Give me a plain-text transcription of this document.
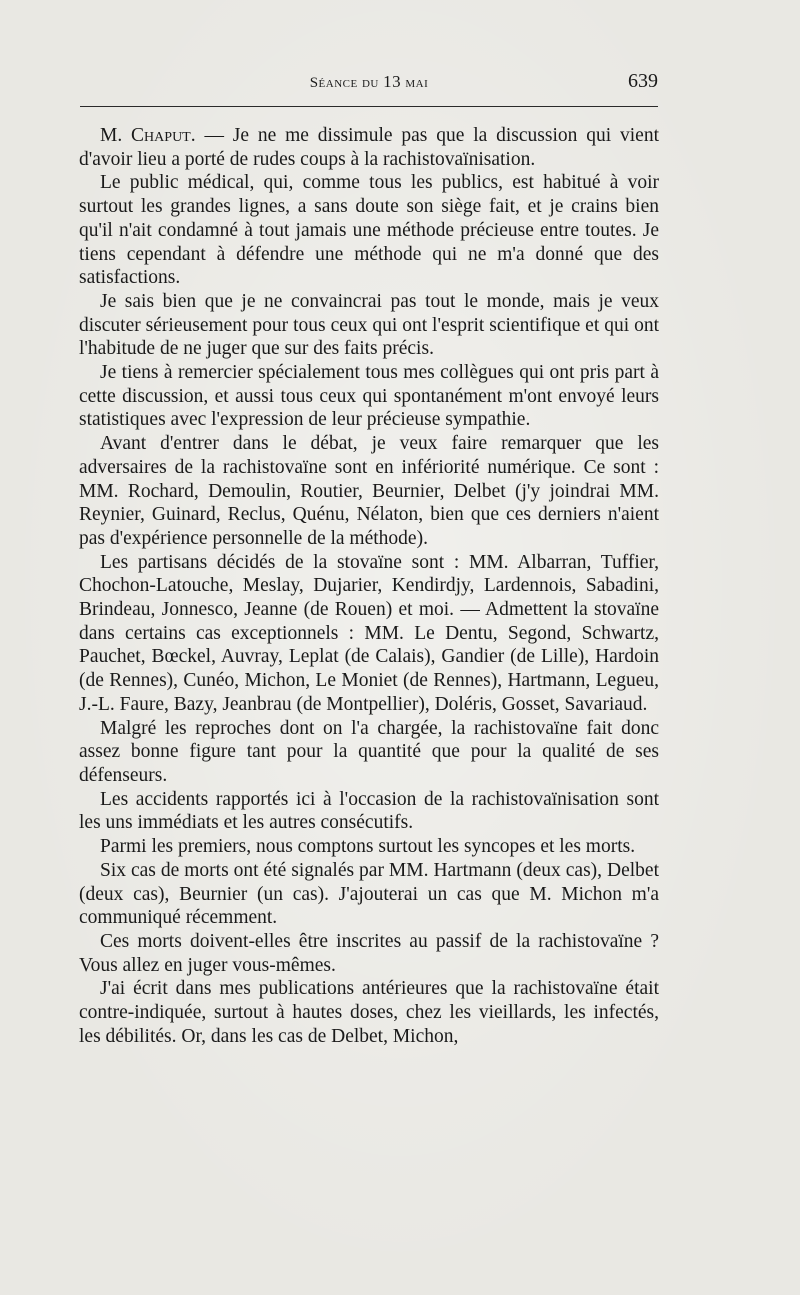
Séance du 13 mai	639

M. Chaput. — Je ne me dissimule pas que la discussion qui vient d'avoir lieu a porté de rudes coups à la rachistovaïnisation.

Le public médical, qui, comme tous les publics, est habitué à voir surtout les grandes lignes, a sans doute son siège fait, et je crains bien qu'il n'ait condamné à tout jamais une méthode précieuse entre toutes. Je tiens cependant à défendre une méthode qui ne m'a donné que des satisfactions.

Je sais bien que je ne convaincrai pas tout le monde, mais je veux discuter sérieusement pour tous ceux qui ont l'esprit scientifique et qui ont l'habitude de ne juger que sur des faits précis.

Je tiens à remercier spécialement tous mes collègues qui ont pris part à cette discussion, et aussi tous ceux qui spontanément m'ont envoyé leurs statistiques avec l'expression de leur précieuse sympathie.

Avant d'entrer dans le débat, je veux faire remarquer que les adversaires de la rachistovaïne sont en infériorité numérique. Ce sont : MM. Rochard, Demoulin, Routier, Beurnier, Delbet (j'y joindrai MM. Reynier, Guinard, Reclus, Quénu, Nélaton, bien que ces derniers n'aient pas d'expérience personnelle de la méthode).

Les partisans décidés de la stovaïne sont : MM. Albarran, Tuffier, Chochon-Latouche, Meslay, Dujarier, Kendirdjy, Lardennois, Sabadini, Brindeau, Jonnesco, Jeanne (de Rouen) et moi. — Admettent la stovaïne dans certains cas exceptionnels : MM. Le Dentu, Segond, Schwartz, Pauchet, Bœckel, Auvray, Leplat (de Calais), Gandier (de Lille), Hardoin (de Rennes), Cunéo, Michon, Le Moniet (de Rennes), Hartmann, Legueu, J.-L. Faure, Bazy, Jeanbrau (de Montpellier), Doléris, Gosset, Savariaud.

Malgré les reproches dont on l'a chargée, la rachistovaïne fait donc assez bonne figure tant pour la quantité que pour la qualité de ses défenseurs.

Les accidents rapportés ici à l'occasion de la rachistovaïnisation sont les uns immédiats et les autres consécutifs.

Parmi les premiers, nous comptons surtout les syncopes et les morts.

Six cas de morts ont été signalés par MM. Hartmann (deux cas), Delbet (deux cas), Beurnier (un cas). J'ajouterai un cas que M. Michon m'a communiqué récemment.

Ces morts doivent-elles être inscrites au passif de la rachistovaïne ? Vous allez en juger vous-mêmes.

J'ai écrit dans mes publications antérieures que la rachistovaïne était contre-indiquée, surtout à hautes doses, chez les vieillards, les infectés, les débilités. Or, dans les cas de Delbet, Michon,
